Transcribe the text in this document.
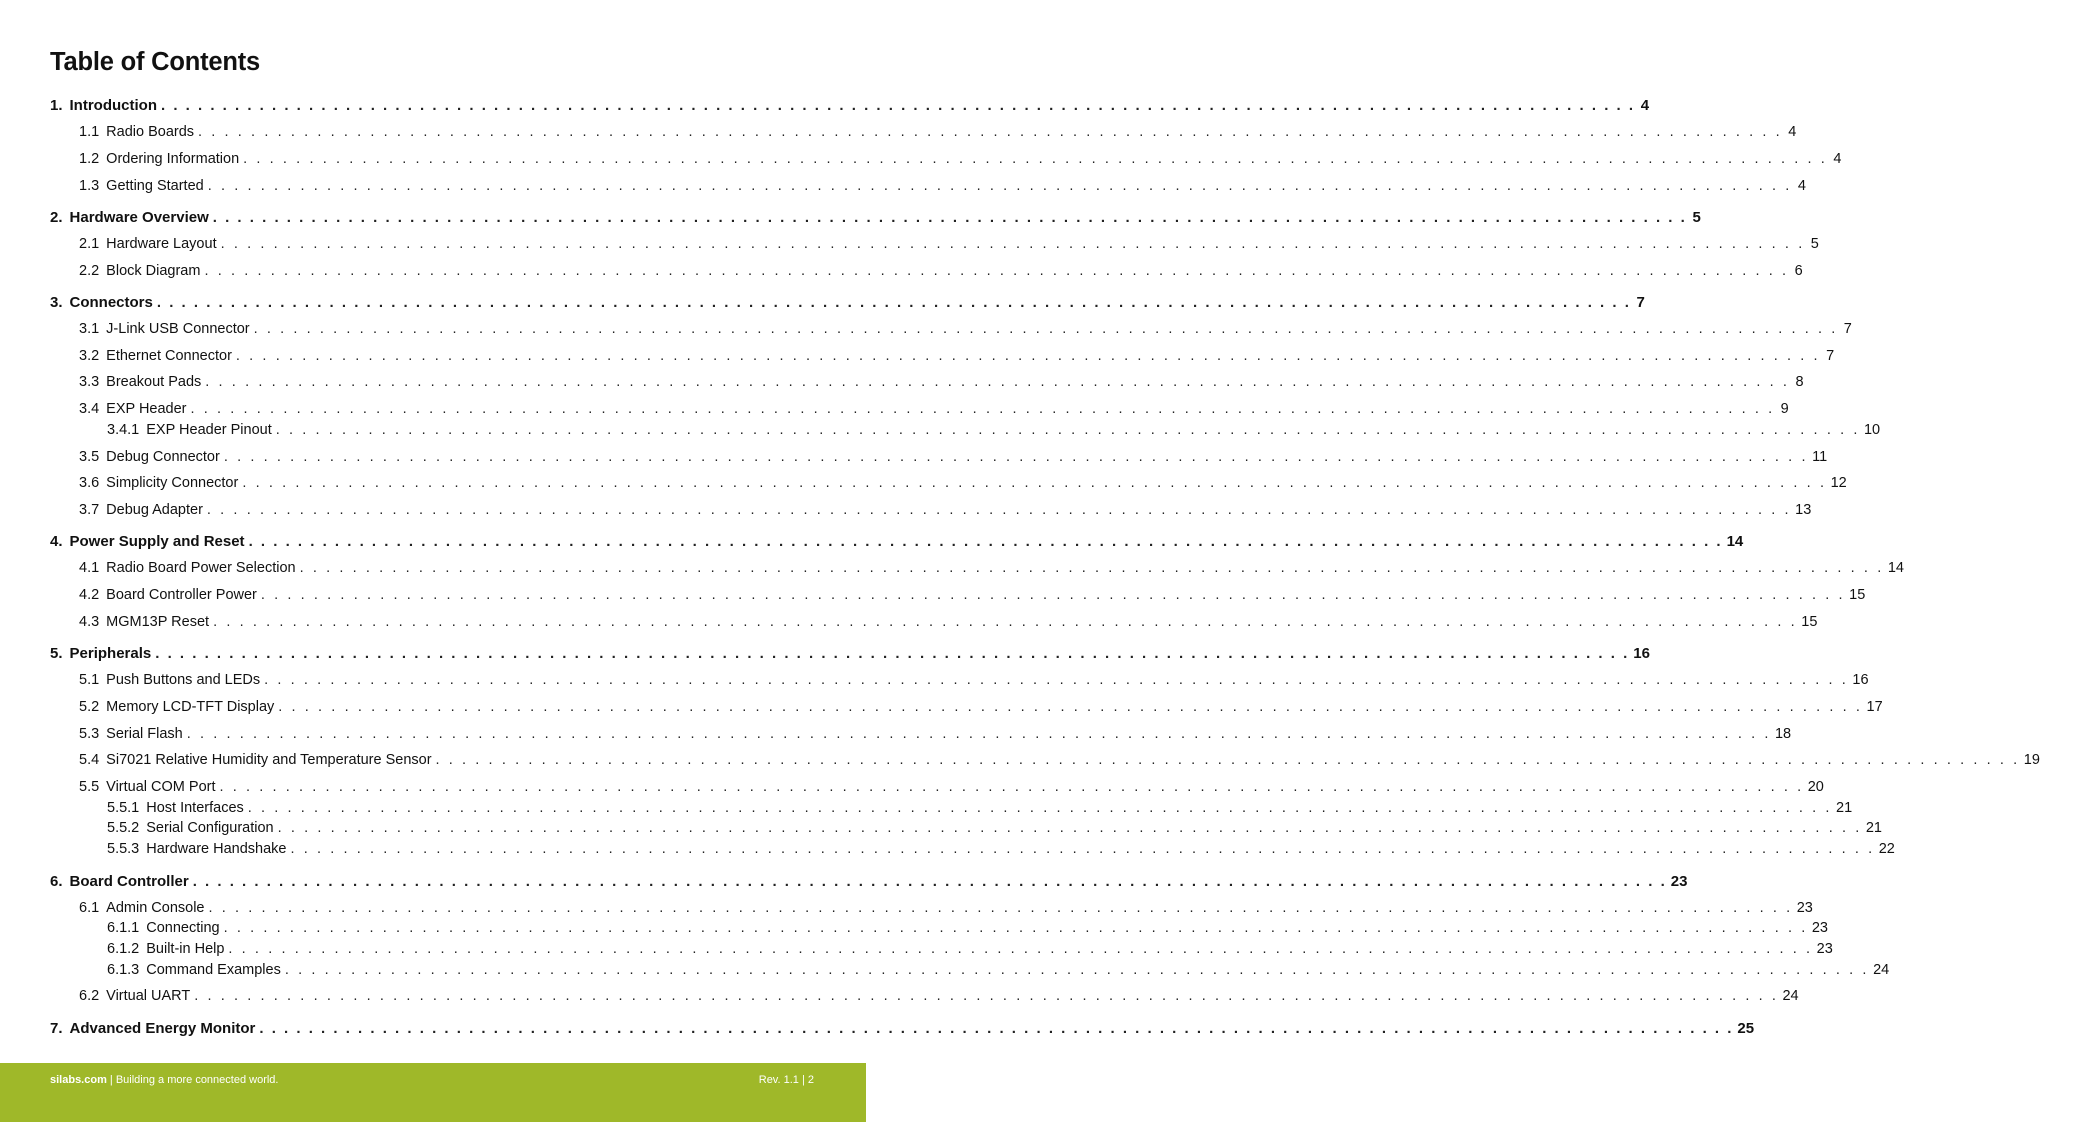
Table of Contents
1. Introduction . . . . . . . . . . . . . . . . . . . . . . . . . . . . . . . . . . . . . . . . . . . . . . . . . . . . . . . . . . . . . . . . . . . . . . . . . . . . . . . . . . . . . . . . . . . . . . . . . . . . . . . . . . . . . . . . . . . . . . . . 4
1.1 Radio Boards . . . . . . . . . . . . . . . . . . . . . . . . . . . . . . . . . . . . . . . . . . . . . . . . . . . . . . . . . . . . . . . . . . . . . . . . . . . . . . . . . . . . . . . . . . . . . . . . . . . . . . . . . . . . . . . . . . . . . . . . 4
1.2 Ordering Information . . . . . . . . . . . . . . . . . . . . . . . . . . . . . . . . . . . . . . . . . . . . . . . . . . . . . . . . . . . . . . . . . . . . . . . . . . . . . . . . . . . . . . . . . . . . . . . . . . . . . . . . . . . . . . . . . . . . . . . . 4
1.3 Getting Started . . . . . . . . . . . . . . . . . . . . . . . . . . . . . . . . . . . . . . . . . . . . . . . . . . . . . . . . . . . . . . . . . . . . . . . . . . . . . . . . . . . . . . . . . . . . . . . . . . . . . . . . . . . . . . . . . . . . . . . . 4
2. Hardware Overview . . . . . . . . . . . . . . . . . . . . . . . . . . . . . . . . . . . . . . . . . . . . . . . . . . . . . . . . . . . . . . . . . . . . . . . . . . . . . . . . . . . . . . . . . . . . . . . . . . . . . . . . . . . . . . . . . . . . . . . . 5
2.1 Hardware Layout . . . . . . . . . . . . . . . . . . . . . . . . . . . . . . . . . . . . . . . . . . . . . . . . . . . . . . . . . . . . . . . . . . . . . . . . . . . . . . . . . . . . . . . . . . . . . . . . . . . . . . . . . . . . . . . . . . . . . . . . 5
2.2 Block Diagram . . . . . . . . . . . . . . . . . . . . . . . . . . . . . . . . . . . . . . . . . . . . . . . . . . . . . . . . . . . . . . . . . . . . . . . . . . . . . . . . . . . . . . . . . . . . . . . . . . . . . . . . . . . . . . . . . . . . . . . . 6
3. Connectors . . . . . . . . . . . . . . . . . . . . . . . . . . . . . . . . . . . . . . . . . . . . . . . . . . . . . . . . . . . . . . . . . . . . . . . . . . . . . . . . . . . . . . . . . . . . . . . . . . . . . . . . . . . . . . . . . . . . . . . . 7
3.1 J-Link USB Connector . . . . . . . . . . . . . . . . . . . . . . . . . . . . . . . . . . . . . . . . . . . . . . . . . . . . . . . . . . . . . . . . . . . . . . . . . . . . . . . . . . . . . . . . . . . . . . . . . . . . . . . . . . . . . . . . . . . . . . . . 7
3.2 Ethernet Connector . . . . . . . . . . . . . . . . . . . . . . . . . . . . . . . . . . . . . . . . . . . . . . . . . . . . . . . . . . . . . . . . . . . . . . . . . . . . . . . . . . . . . . . . . . . . . . . . . . . . . . . . . . . . . . . . . . . . . . . . 7
3.3 Breakout Pads . . . . . . . . . . . . . . . . . . . . . . . . . . . . . . . . . . . . . . . . . . . . . . . . . . . . . . . . . . . . . . . . . . . . . . . . . . . . . . . . . . . . . . . . . . . . . . . . . . . . . . . . . . . . . . . . . . . . . . . . 8
3.4 EXP Header . . . . . . . . . . . . . . . . . . . . . . . . . . . . . . . . . . . . . . . . . . . . . . . . . . . . . . . . . . . . . . . . . . . . . . . . . . . . . . . . . . . . . . . . . . . . . . . . . . . . . . . . . . . . . . . . . . . . . . . . 9
3.4.1 EXP Header Pinout . . . . . . . . . . . . . . . . . . . . . . . . . . . . . . . . . . . . . . . . . . . . . . . . . . . . . . . . . . . . . . . . . . . . . . . . . . . . . . . . . . . . . . . . . . . . . . . . . . . . . . . . . . . . . . . . . . . . . . . . 10
3.5 Debug Connector . . . . . . . . . . . . . . . . . . . . . . . . . . . . . . . . . . . . . . . . . . . . . . . . . . . . . . . . . . . . . . . . . . . . . . . . . . . . . . . . . . . . . . . . . . . . . . . . . . . . . . . . . . . . . . . . . . . . . . . . 11
3.6 Simplicity Connector . . . . . . . . . . . . . . . . . . . . . . . . . . . . . . . . . . . . . . . . . . . . . . . . . . . . . . . . . . . . . . . . . . . . . . . . . . . . . . . . . . . . . . . . . . . . . . . . . . . . . . . . . . . . . . . . . . . . . . . . 12
3.7 Debug Adapter . . . . . . . . . . . . . . . . . . . . . . . . . . . . . . . . . . . . . . . . . . . . . . . . . . . . . . . . . . . . . . . . . . . . . . . . . . . . . . . . . . . . . . . . . . . . . . . . . . . . . . . . . . . . . . . . . . . . . . . . 13
4. Power Supply and Reset . . . . . . . . . . . . . . . . . . . . . . . . . . . . . . . . . . . . . . . . . . . . . . . . . . . . . . . . . . . . . . . . . . . . . . . . . . . . . . . . . . . . . . . . . . . . . . . . . . . . . . . . . . . . . . . . . . . . . . . . 14
4.1 Radio Board Power Selection . . . . . . . . . . . . . . . . . . . . . . . . . . . . . . . . . . . . . . . . . . . . . . . . . . . . . . . . . . . . . . . . . . . . . . . . . . . . . . . . . . . . . . . . . . . . . . . . . . . . . . . . . . . . . . . . . . . . . . . . 14
4.2 Board Controller Power . . . . . . . . . . . . . . . . . . . . . . . . . . . . . . . . . . . . . . . . . . . . . . . . . . . . . . . . . . . . . . . . . . . . . . . . . . . . . . . . . . . . . . . . . . . . . . . . . . . . . . . . . . . . . . . . . . . . . . . . 15
4.3 MGM13P Reset . . . . . . . . . . . . . . . . . . . . . . . . . . . . . . . . . . . . . . . . . . . . . . . . . . . . . . . . . . . . . . . . . . . . . . . . . . . . . . . . . . . . . . . . . . . . . . . . . . . . . . . . . . . . . . . . . . . . . . . . 15
5. Peripherals . . . . . . . . . . . . . . . . . . . . . . . . . . . . . . . . . . . . . . . . . . . . . . . . . . . . . . . . . . . . . . . . . . . . . . . . . . . . . . . . . . . . . . . . . . . . . . . . . . . . . . . . . . . . . . . . . . . . . . . . 16
5.1 Push Buttons and LEDs . . . . . . . . . . . . . . . . . . . . . . . . . . . . . . . . . . . . . . . . . . . . . . . . . . . . . . . . . . . . . . . . . . . . . . . . . . . . . . . . . . . . . . . . . . . . . . . . . . . . . . . . . . . . . . . . . . . . . . . . 16
5.2 Memory LCD-TFT Display . . . . . . . . . . . . . . . . . . . . . . . . . . . . . . . . . . . . . . . . . . . . . . . . . . . . . . . . . . . . . . . . . . . . . . . . . . . . . . . . . . . . . . . . . . . . . . . . . . . . . . . . . . . . . . . . . . . . . . . . 17
5.3 Serial Flash . . . . . . . . . . . . . . . . . . . . . . . . . . . . . . . . . . . . . . . . . . . . . . . . . . . . . . . . . . . . . . . . . . . . . . . . . . . . . . . . . . . . . . . . . . . . . . . . . . . . . . . . . . . . . . . . . . . . . . . . 18
5.4 Si7021 Relative Humidity and Temperature Sensor . . . . . . . . . . . . . . . . . . . . . . . . . . . . . . . . . . . . . . . . . . . . . . . . . . . . . . . . . . . . . . . . . . . . . . . . . . . . . . . . . . . . . . . . . . . . . . . . . . . . . . . . . . . . . . . . . . . . . . . . 19
5.5 Virtual COM Port . . . . . . . . . . . . . . . . . . . . . . . . . . . . . . . . . . . . . . . . . . . . . . . . . . . . . . . . . . . . . . . . . . . . . . . . . . . . . . . . . . . . . . . . . . . . . . . . . . . . . . . . . . . . . . . . . . . . . . . . 20
5.5.1 Host Interfaces . . . . . . . . . . . . . . . . . . . . . . . . . . . . . . . . . . . . . . . . . . . . . . . . . . . . . . . . . . . . . . . . . . . . . . . . . . . . . . . . . . . . . . . . . . . . . . . . . . . . . . . . . . . . . . . . . . . . . . . . 21
5.5.2 Serial Configuration . . . . . . . . . . . . . . . . . . . . . . . . . . . . . . . . . . . . . . . . . . . . . . . . . . . . . . . . . . . . . . . . . . . . . . . . . . . . . . . . . . . . . . . . . . . . . . . . . . . . . . . . . . . . . . . . . . . . . . . . 21
5.5.3 Hardware Handshake . . . . . . . . . . . . . . . . . . . . . . . . . . . . . . . . . . . . . . . . . . . . . . . . . . . . . . . . . . . . . . . . . . . . . . . . . . . . . . . . . . . . . . . . . . . . . . . . . . . . . . . . . . . . . . . . . . . . . . . . 22
6. Board Controller . . . . . . . . . . . . . . . . . . . . . . . . . . . . . . . . . . . . . . . . . . . . . . . . . . . . . . . . . . . . . . . . . . . . . . . . . . . . . . . . . . . . . . . . . . . . . . . . . . . . . . . . . . . . . . . . . . . . . . . . 23
6.1 Admin Console . . . . . . . . . . . . . . . . . . . . . . . . . . . . . . . . . . . . . . . . . . . . . . . . . . . . . . . . . . . . . . . . . . . . . . . . . . . . . . . . . . . . . . . . . . . . . . . . . . . . . . . . . . . . . . . . . . . . . . . . 23
6.1.1 Connecting . . . . . . . . . . . . . . . . . . . . . . . . . . . . . . . . . . . . . . . . . . . . . . . . . . . . . . . . . . . . . . . . . . . . . . . . . . . . . . . . . . . . . . . . . . . . . . . . . . . . . . . . . . . . . . . . . . . . . . . . 23
6.1.2 Built-in Help . . . . . . . . . . . . . . . . . . . . . . . . . . . . . . . . . . . . . . . . . . . . . . . . . . . . . . . . . . . . . . . . . . . . . . . . . . . . . . . . . . . . . . . . . . . . . . . . . . . . . . . . . . . . . . . . . . . . . . . . 23
6.1.3 Command Examples . . . . . . . . . . . . . . . . . . . . . . . . . . . . . . . . . . . . . . . . . . . . . . . . . . . . . . . . . . . . . . . . . . . . . . . . . . . . . . . . . . . . . . . . . . . . . . . . . . . . . . . . . . . . . . . . . . . . . . . . 24
6.2 Virtual UART . . . . . . . . . . . . . . . . . . . . . . . . . . . . . . . . . . . . . . . . . . . . . . . . . . . . . . . . . . . . . . . . . . . . . . . . . . . . . . . . . . . . . . . . . . . . . . . . . . . . . . . . . . . . . . . . . . . . . . . . 24
7. Advanced Energy Monitor . . . . . . . . . . . . . . . . . . . . . . . . . . . . . . . . . . . . . . . . . . . . . . . . . . . . . . . . . . . . . . . . . . . . . . . . . . . . . . . . . . . . . . . . . . . . . . . . . . . . . . . . . . . . . . . . . . . . . . . . 25
silabs.com | Building a more connected world.	Rev. 1.1 | 2
